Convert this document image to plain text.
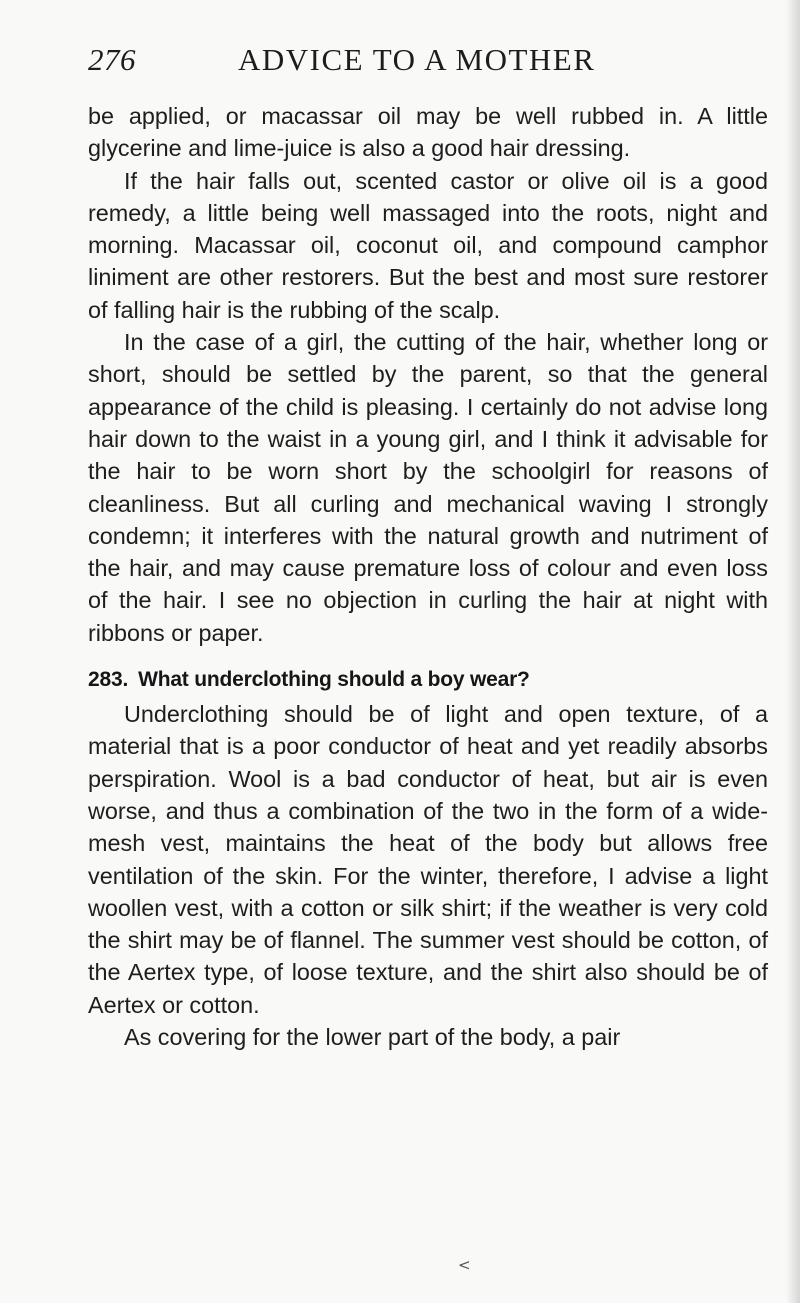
276	ADVICE TO A MOTHER

be applied, or macassar oil may be well rubbed in. A little glycerine and lime-juice is also a good hair dressing.

If the hair falls out, scented castor or olive oil is a good remedy, a little being well massaged into the roots, night and morning. Macassar oil, coconut oil, and compound camphor liniment are other restorers. But the best and most sure restorer of falling hair is the rubbing of the scalp.

In the case of a girl, the cutting of the hair, whether long or short, should be settled by the parent, so that the general appearance of the child is pleasing. I certainly do not advise long hair down to the waist in a young girl, and I think it advisable for the hair to be worn short by the schoolgirl for reasons of cleanliness. But all curling and mechanical waving I strongly condemn; it interferes with the natural growth and nutriment of the hair, and may cause premature loss of colour and even loss of the hair. I see no objection in curling the hair at night with ribbons or paper.

283. What underclothing should a boy wear?

Underclothing should be of light and open texture, of a material that is a poor conductor of heat and yet readily absorbs perspiration. Wool is a bad conductor of heat, but air is even worse, and thus a combination of the two in the form of a wide-mesh vest, maintains the heat of the body but allows free ventilation of the skin. For the winter, therefore, I advise a light woollen vest, with a cotton or silk shirt; if the weather is very cold the shirt may be of flannel. The summer vest should be cotton, of the Aertex type, of loose texture, and the shirt also should be of Aertex or cotton.

As covering for the lower part of the body, a pair

<
